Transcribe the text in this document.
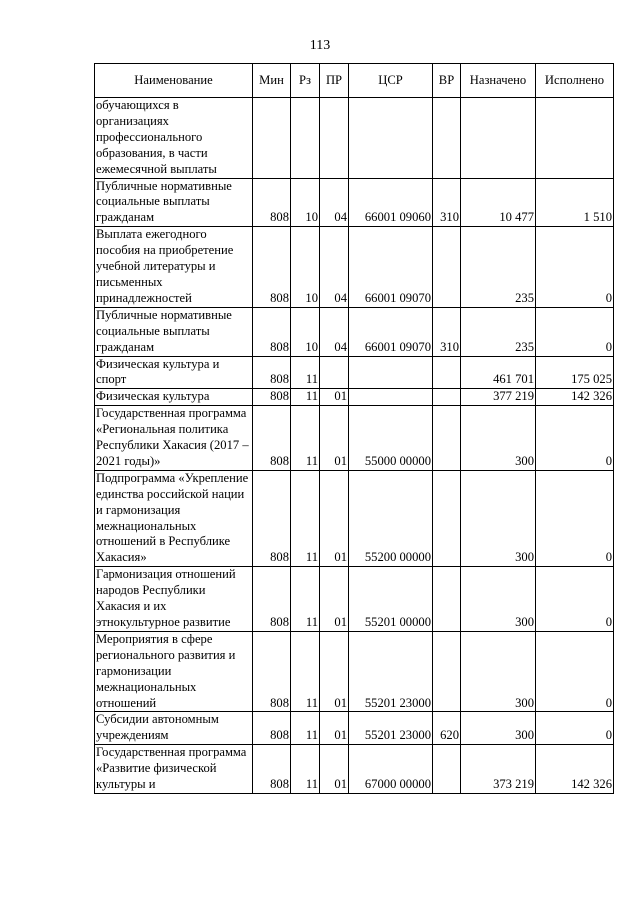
113
Наименование	Мин	Рз	ПР	ЦСР	ВР	Назначено	Исполнено
обучающихся в организациях профессионального образования, в части ежемесячной выплаты							
Публичные нормативные социальные выплаты гражданам	808	10	04	66001 09060	310	10 477	1 510
Выплата ежегодного пособия на приобретение учебной литературы и письменных принадлежностей	808	10	04	66001 09070		235	0
Публичные нормативные социальные выплаты гражданам	808	10	04	66001 09070	310	235	0
Физическая культура и спорт	808	11				461 701	175 025
Физическая культура	808	11	01			377 219	142 326
Государственная программа «Региональная политика Республики Хакасия (2017 – 2021 годы)»	808	11	01	55000 00000		300	0
Подпрограмма «Укрепление единства российской нации и гармонизация межнациональных отношений в Республике Хакасия»	808	11	01	55200 00000		300	0
Гармонизация отношений народов Республики Хакасия и их этнокультурное развитие	808	11	01	55201 00000		300	0
Мероприятия в сфере регионального развития и гармонизации межнациональных отношений	808	11	01	55201 23000		300	0
Субсидии автономным учреждениям	808	11	01	55201 23000	620	300	0
Государственная программа «Развитие физической культуры и	808	11	01	67000 00000		373 219	142 326
